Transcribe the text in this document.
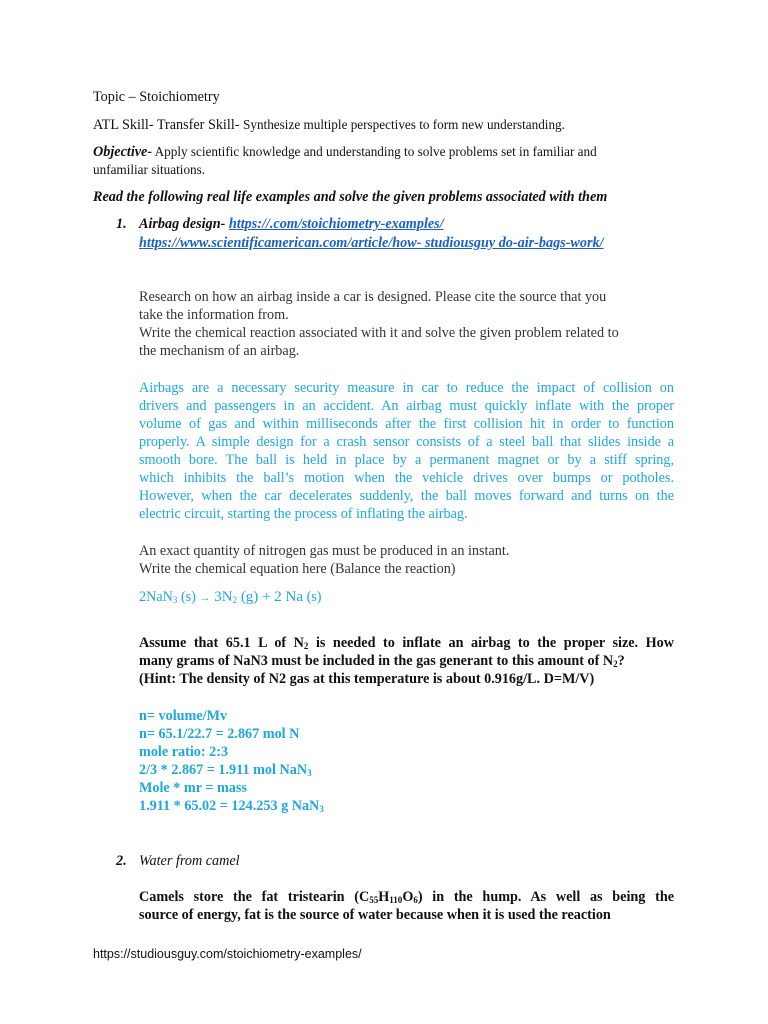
Topic – Stoichiometry
ATL Skill- Transfer Skill- Synthesize multiple perspectives to form new understanding.
Objective- Apply scientific knowledge and understanding to solve problems set in familiar and
unfamiliar situations.
Read the following real life examples and solve the given problems associated with them
1. Airbag design- https://.com/stoichiometry-examples/
https://www.scientificamerican.com/article/how- studiousguy do-air-bags-work/
Research on how an airbag inside a car is designed. Please cite the source that you
take the information from.
Write the chemical reaction associated with it and solve the given problem related to
the mechanism of an airbag.
Airbags are a necessary security measure in car to reduce the impact of collision on
drivers and passengers in an accident. An airbag must quickly inflate with the proper
volume of gas and within milliseconds after the first collision hit in order to function
properly. A simple design for a crash sensor consists of a steel ball that slides inside a
smooth bore. The ball is held in place by a permanent magnet or by a stiff spring,
which inhibits the ball’s motion when the vehicle drives over bumps or potholes.
However, when the car decelerates suddenly, the ball moves forward and turns on the
electric circuit, starting the process of inflating the airbag.
An exact quantity of nitrogen gas must be produced in an instant.
Write the chemical equation here (Balance the reaction)
2NaN$_3$ $(s) \to 3N_2$ (g) + 2 Na (s)
Assume that 65.1 L of $N_2$ is needed to inflate an airbag to the proper size. How
many grams of NaN3 must be included in the gas generant to this amount of $N_2$?
(Hint: The density of N2 gas at this temperature is about 0.916g/L. D=M/V)
n= volume/Mv
n= 65.1/22.7 = 2.867 mol N
mole ratio: 2:3
2/3 * 2.867 = 1.911 mol NaN$_3$
Mole * mr = mass
1.911 * 65.02 = 124.253 g NaN$_3$
2. Water from camel
Camels store the fat tristearin $(C_{55}H_{110}O_6)$ in the hump. As well as being the
source of energy, fat is the source of water because when it is used the reaction
https://studiousguy.com/stoichiometry-examples/
